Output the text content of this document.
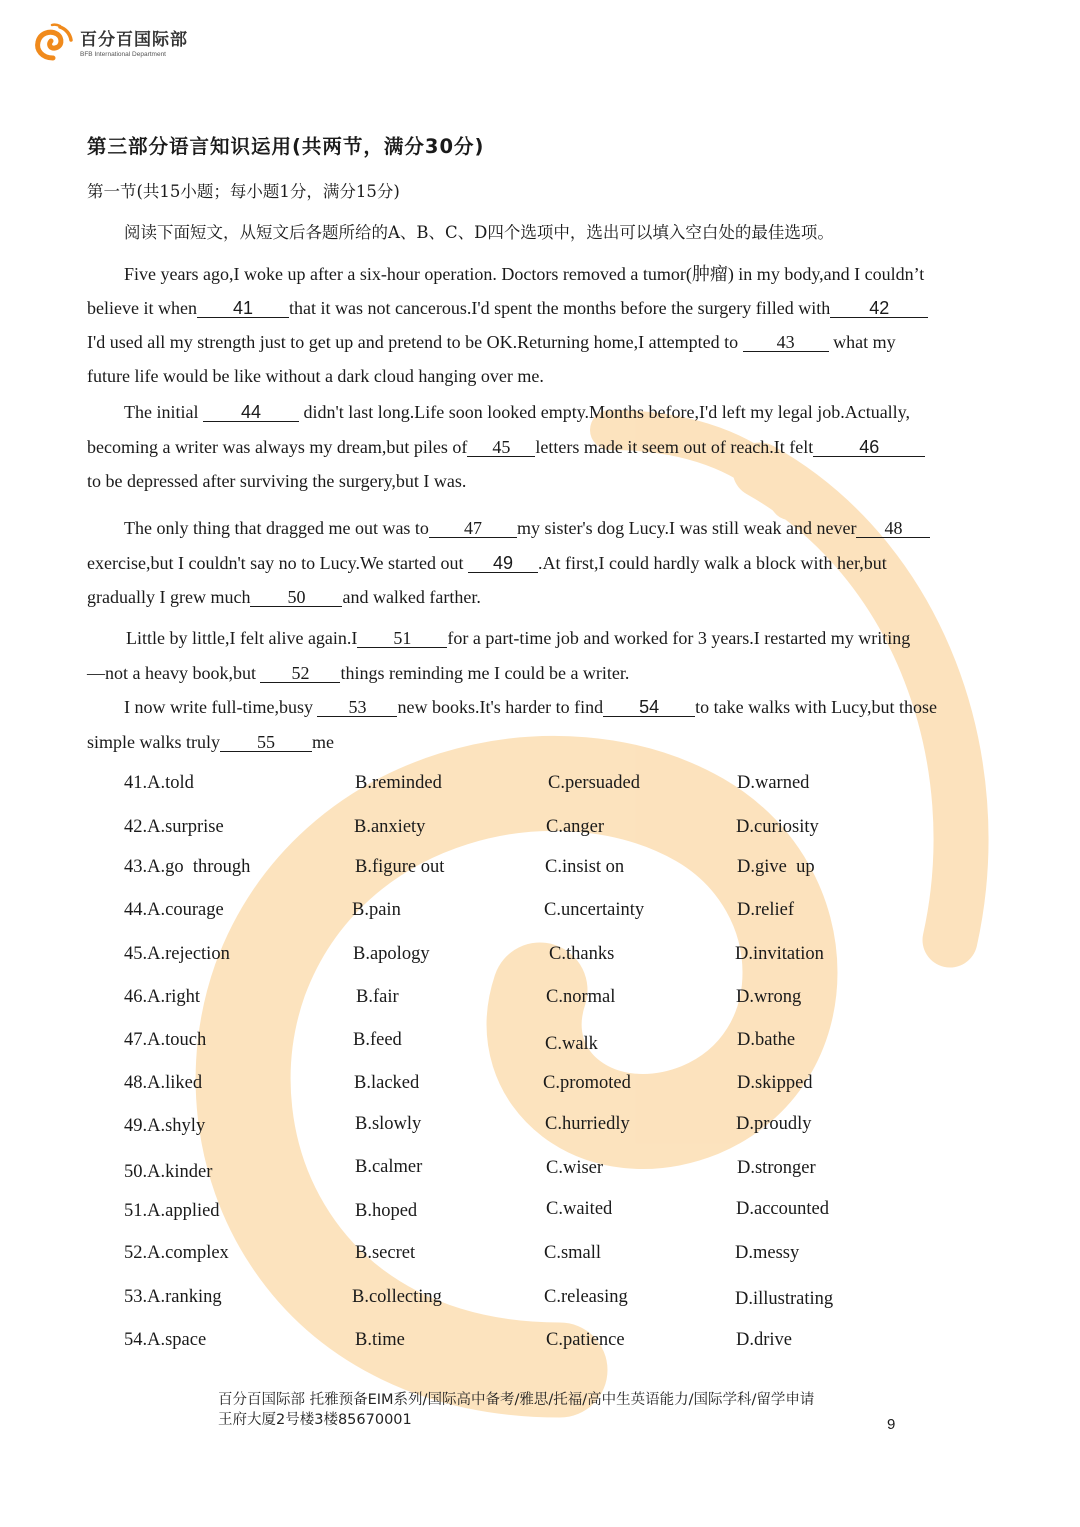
百分百国际部
BFB International Department
第三部分语言知识运用(共两节，满分30分)
第一节(共15小题；每小题1分，满分15分)
阅读下面短文，从短文后各题所给的A、B、C、D四个选项中，选出可以填入空白处的最佳选项。
Five years ago,I woke up after a six-hour operation. Doctors removed a tumor(肿瘤) in my body,and I couldn’t
believe it when 41 that it was not cancerous.I'd spent the months before the surgery filled with 42
I'd used all my strength just to get up and pretend to be OK.Returning home,I attempted to 43 what my
future life would be like without a dark cloud hanging over me.
The initial 44 didn't last long.Life soon looked empty.Months before,I'd left my legal job.Actually,
becoming a writer was always my dream,but piles of 45 letters made it seem out of reach.It felt	46
to be depressed after surviving the surgery,but I was.
The only thing that dragged me out was to 47 my sister's dog Lucy.I was still weak and never 48
exercise,but I couldn't say no to Lucy.We started out 49 .At first,I could hardly walk a block with her,but
gradually I grew much 50 and walked farther.
Little by little,I felt alive again.I 51 for a part-time job and worked for 3 years.I restarted my writing
—not a heavy book,but 52 things reminding me I could be a writer.
I now write full-time,busy 53 new books.It's harder to find 54 to take walks with Lucy,but those
simple walks truly 55 me
41.A.told	B.reminded	C.persuaded	D.warned
42.A.surprise	B.anxiety	C.anger	D.curiosity
43.A.go  through	B.figure out	C.insist on	D.give  up
44.A.courage	B.pain	C.uncertainty	D.relief
45.A.rejection	B.apology	C.thanks	D.invitation
46.A.right	B.fair	C.normal	D.wrong
47.A.touch	B.feed	C.walk	D.bathe
48.A.liked	B.lacked	C.promoted	D.skipped
49.A.shyly	B.slowly	C.hurriedly	D.proudly
50.A.kinder	B.calmer	C.wiser	D.stronger
51.A.applied	B.hoped	C.waited	D.accounted
52.A.complex	B.secret	C.small	D.messy
53.A.ranking	B.collecting	C.releasing	D.illustrating
54.A.space	B.time	C.patience	D.drive
百分百国际部 托雅预备EIM系列/国际高中备考/雅思/托福/高中生英语能力/国际学科/留学申请
王府大厦2号楼3楼85670001	9
